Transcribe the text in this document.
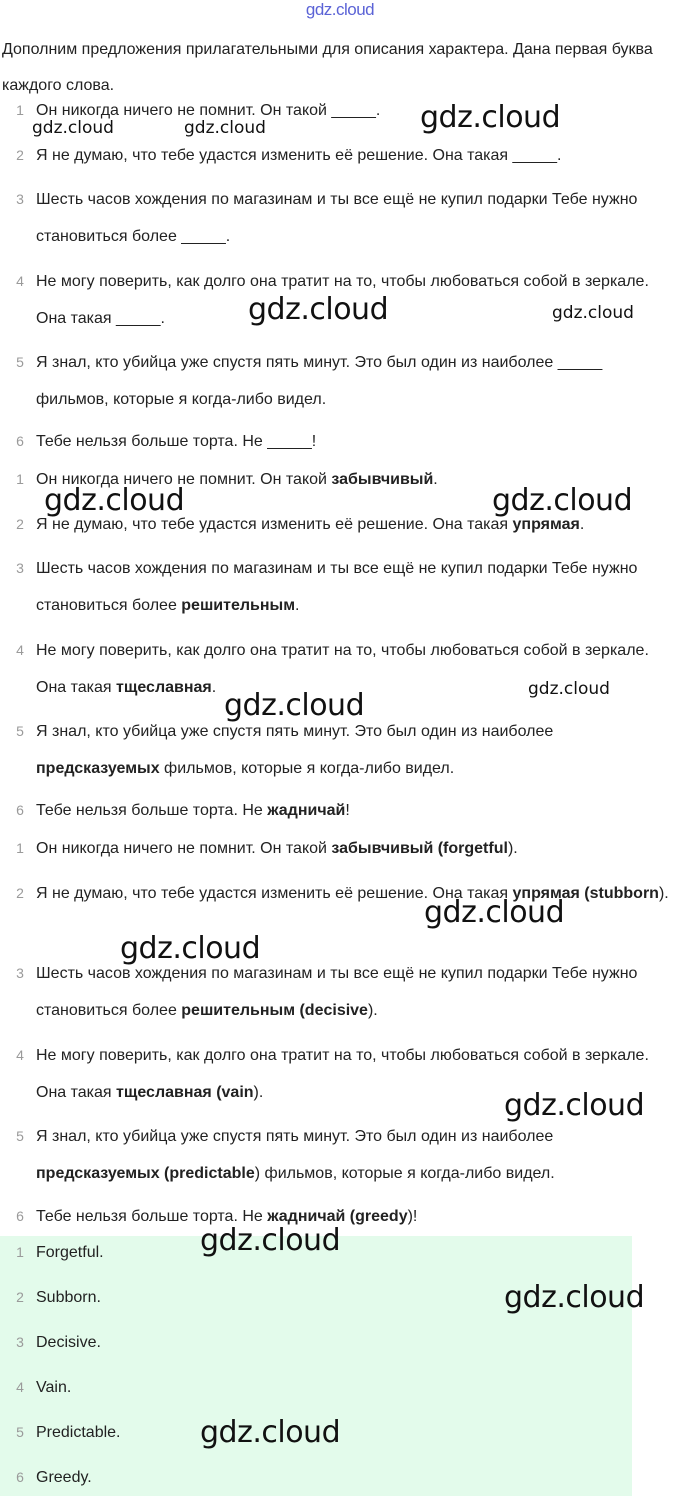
gdz.cloud
Дополним предложения прилагательными для описания характера. Дана первая буква каждого слова.
1 Он никогда ничего не помнит. Он такой _____.
2 Я не думаю, что тебе удастся изменить её решение. Она такая _____.
3 Шесть часов хождения по магазинам и ты все ещё не купил подарки Тебе нужно становиться более _____.
4 Не могу поверить, как долго она тратит на то, чтобы любоваться собой в зеркале. Она такая _____.
5 Я знал, кто убийца уже спустя пять минут. Это был один из наиболее _____ фильмов, которые я когда-либо видел.
6 Тебе нельзя больше торта. Не _____!
1 Он никогда ничего не помнит. Он такой забывчивый.
2 Я не думаю, что тебе удастся изменить её решение. Она такая упрямая.
3 Шесть часов хождения по магазинам и ты все ещё не купил подарки Тебе нужно становиться более решительным.
4 Не могу поверить, как долго она тратит на то, чтобы любоваться собой в зеркале. Она такая тщеславная.
5 Я знал, кто убийца уже спустя пять минут. Это был один из наиболее предсказуемых фильмов, которые я когда-либо видел.
6 Тебе нельзя больше торта. Не жадничай!
1 Он никогда ничего не помнит. Он такой забывчивый (forgetful).
2 Я не думаю, что тебе удастся изменить её решение. Она такая упрямая (stubborn).
3 Шесть часов хождения по магазинам и ты все ещё не купил подарки Тебе нужно становиться более решительным (decisive).
4 Не могу поверить, как долго она тратит на то, чтобы любоваться собой в зеркале. Она такая тщеславная (vain).
5 Я знал, кто убийца уже спустя пять минут. Это был один из наиболее предсказуемых (predictable) фильмов, которые я когда-либо видел.
6 Тебе нельзя больше торта. Не жадничай (greedy)!
1 Forgetful.
2 Subborn.
3 Decisive.
4 Vain.
5 Predictable.
6 Greedy.
gdz.cloud
gdz.cloud	gdz.cloud
gdz.cloud	gdz.cloud
gdz.cloud	gdz.cloud
gdz.cloud
gdz.cloud
gdz.cloud
gdz.cloud
gdz.cloud
gdz.cloud
gdz.cloud
gdz.cloud
